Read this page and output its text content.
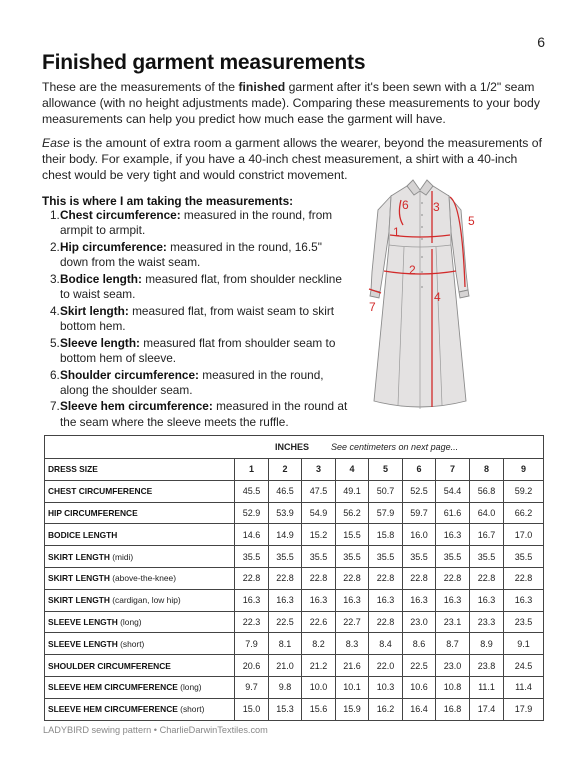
6
Finished garment measurements

These are the measurements of the finished garment after it's been sewn with a 1/2" seam allowance (with no height adjustments made). Comparing these measurements to your body measurements can help you predict how much ease the garment will have.

Ease is the amount of extra room a garment allows the wearer, beyond the measurements of their body. For example, if you have a 40-inch chest measurement, a shirt with a 40-inch chest would be very tight and would constrict movement.

This is where I am taking the measurements:
1. Chest circumference: measured in the round, from armpit to armpit.
2. Hip circumference: measured in the round, 16.5" down from the waist seam.
3. Bodice length: measured flat, from shoulder neckline to waist seam.
4. Skirt length: measured flat, from waist seam to skirt bottom hem.
5. Sleeve length: measured flat from shoulder seam to bottom hem of sleeve.
6. Shoulder circumference: measured in the round, along the shoulder seam.
7. Sleeve hem circumference: measured in the round at the seam where the sleeve meets the ruffle.
1
2
3
4
5
6
7
INCHES See centimeters on next page...									
DRESS SIZE	1	2	3	4	5	6	7	8	9
CHEST CIRCUMFERENCE	45.5	46.5	47.5	49.1	50.7	52.5	54.4	56.8	59.2
HIP CIRCUMFERENCE	52.9	53.9	54.9	56.2	57.9	59.7	61.6	64.0	66.2
BODICE LENGTH	14.6	14.9	15.2	15.5	15.8	16.0	16.3	16.7	17.0
SKIRT LENGTH (midi)	35.5	35.5	35.5	35.5	35.5	35.5	35.5	35.5	35.5
SKIRT LENGTH (above-the-knee)	22.8	22.8	22.8	22.8	22.8	22.8	22.8	22.8	22.8
SKIRT LENGTH (cardigan, low hip)	16.3	16.3	16.3	16.3	16.3	16.3	16.3	16.3	16.3
SLEEVE LENGTH (long)	22.3	22.5	22.6	22.7	22.8	23.0	23.1	23.3	23.5
SLEEVE LENGTH (short)	7.9	8.1	8.2	8.3	8.4	8.6	8.7	8.9	9.1
SHOULDER CIRCUMFERENCE	20.6	21.0	21.2	21.6	22.0	22.5	23.0	23.8	24.5
SLEEVE HEM CIRCUMFERENCE (long)	9.7	9.8	10.0	10.1	10.3	10.6	10.8	11.1	11.4
SLEEVE HEM CIRCUMFERENCE (short)	15.0	15.3	15.6	15.9	16.2	16.4	16.8	17.4	17.9
LADYBIRD sewing pattern • CharlieDarwinTextiles.com
